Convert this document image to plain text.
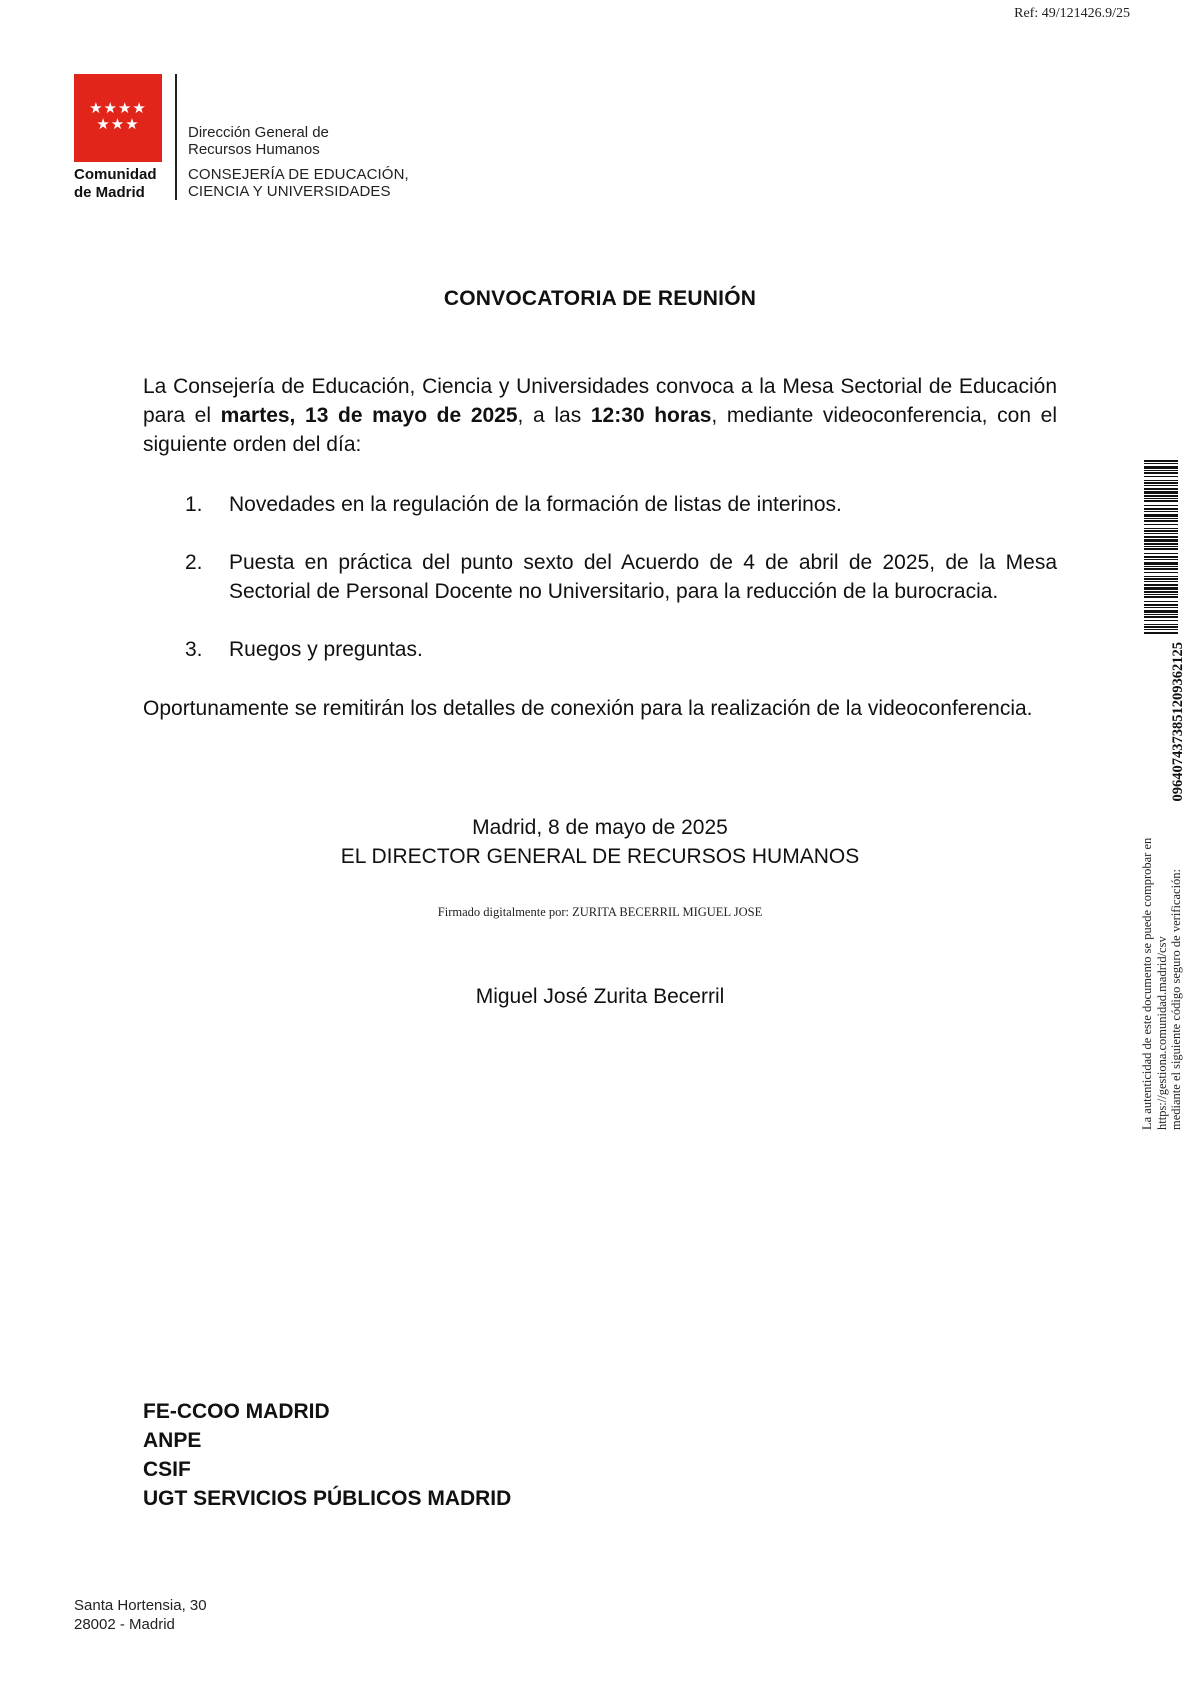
Ref: 49/121426.9/25
★★★★
★★★
Comunidad
de Madrid
Dirección General de
Recursos Humanos
CONSEJERÍA DE EDUCACIÓN,
CIENCIA Y UNIVERSIDADES
CONVOCATORIA DE REUNIÓN

La Consejería de Educación, Ciencia y Universidades convoca a la Mesa Sectorial de Educación para el martes, 13 de mayo de 2025, a las 12:30 horas, mediante videoconferencia, con el siguiente orden del día:

1. Novedades en la regulación de la formación de listas de interinos.
2. Puesta en práctica del punto sexto del Acuerdo de 4 de abril de 2025, de la Mesa Sectorial de Personal Docente no Universitario, para la reducción de la burocracia.
3. Ruegos y preguntas.

Oportunamente se remitirán los detalles de conexión para la realización de la videoconferencia.

Madrid, 8 de mayo de 2025
EL DIRECTOR GENERAL DE RECURSOS HUMANOS
Firmado digitalmente por: ZURITA BECERRIL MIGUEL JOSE
Miguel José Zurita Becerril
FE-CCOO MADRID
ANPE
CSIF
UGT SERVICIOS PÚBLICOS MADRID
Santa Hortensia, 30
28002 - Madrid
0964074373851209362125
La autenticidad de este documento se puede comprobar en https://gestiona.comunidad.madrid/csv mediante el siguiente código seguro de verificación:
